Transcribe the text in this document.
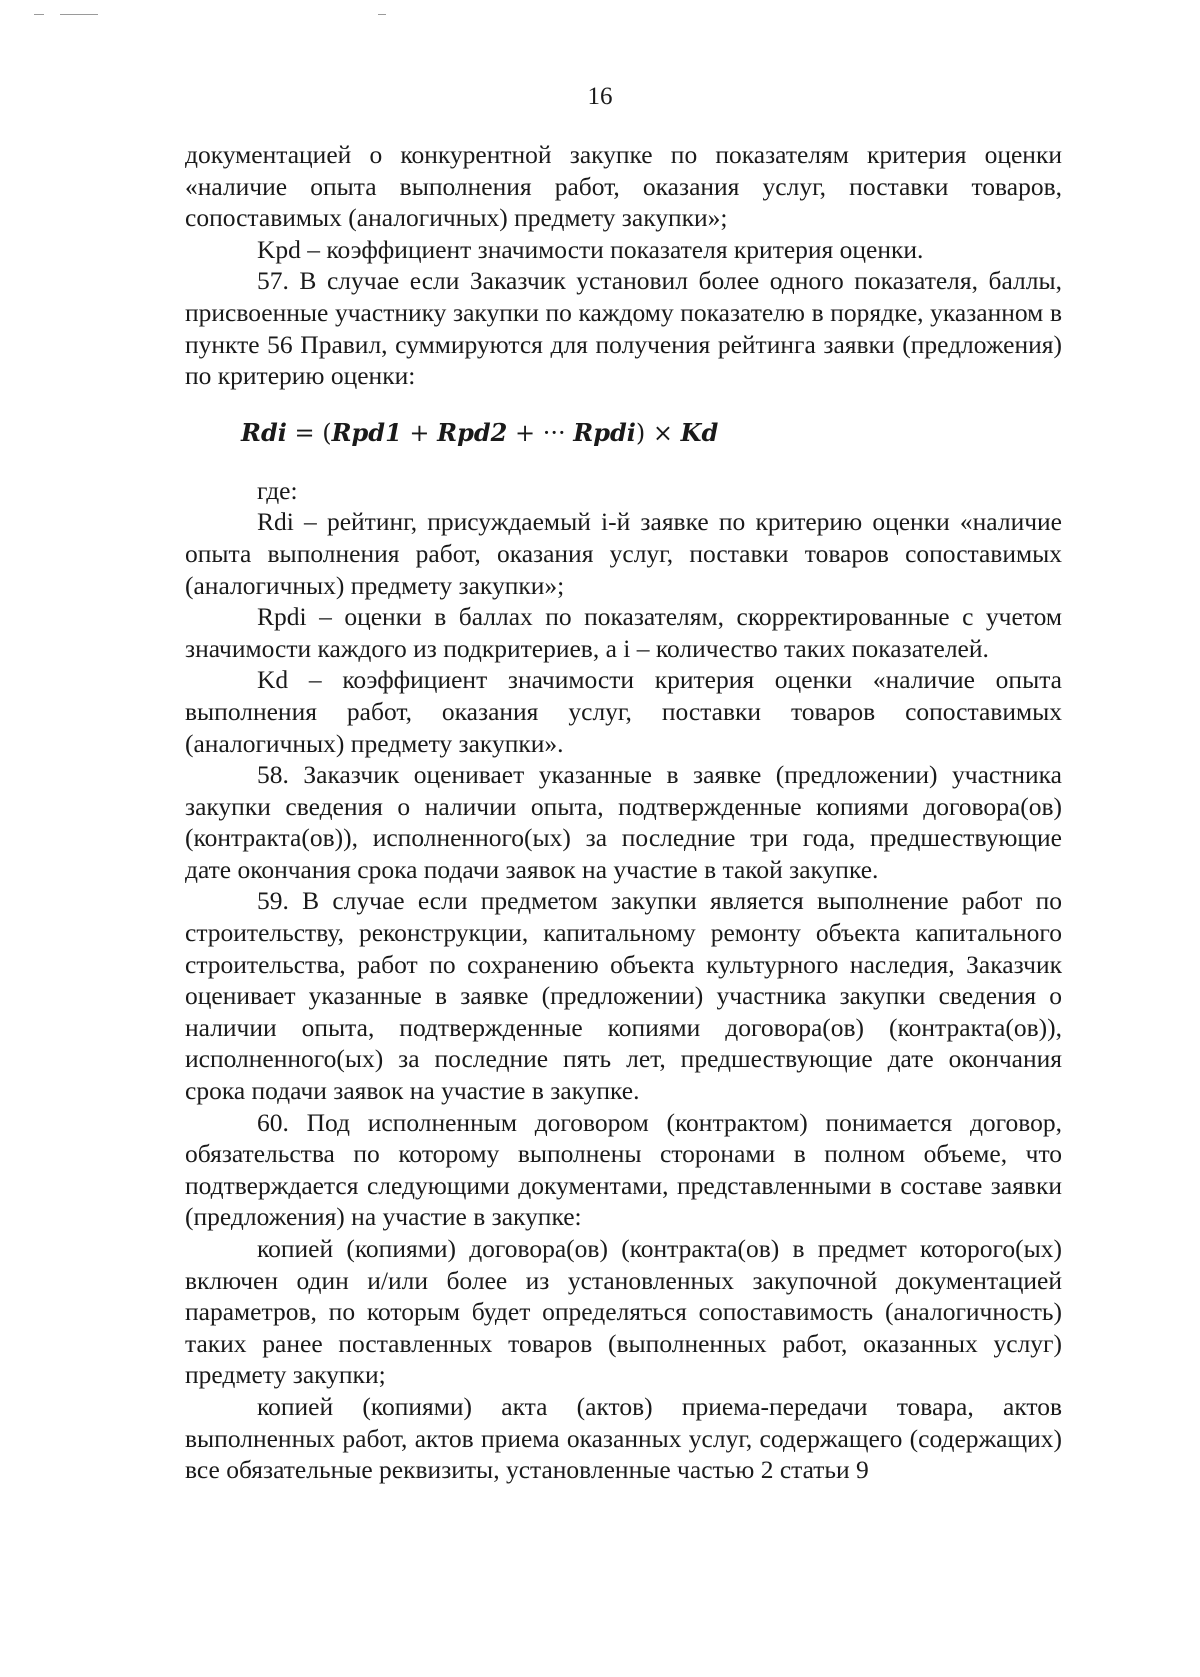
16

документацией о конкурентной закупке по показателям критерия оценки «наличие опыта выполнения работ, оказания услуг, поставки товаров, сопоставимых (аналогичных) предмету закупки»;

Kpd – коэффициент значимости показателя критерия оценки.

57. В случае если Заказчик установил более одного показателя, баллы, присвоенные участнику закупки по каждому показателю в порядке, указанном в пункте 56 Правил, суммируются для получения рейтинга заявки (предложения) по критерию оценки:

Rdi = (Rpd1 + Rpd2 + ··· Rpdi) × Kd

где:

Rdi – рейтинг, присуждаемый i-й заявке по критерию оценки «наличие опыта выполнения работ, оказания услуг, поставки товаров сопоставимых (аналогичных) предмету закупки»;

Rpdi – оценки в баллах по показателям, скорректированные с учетом значимости каждого из подкритериев, а i – количество таких показателей.

Kd – коэффициент значимости критерия оценки «наличие опыта выполнения работ, оказания услуг, поставки товаров сопоставимых (аналогичных) предмету закупки».

58. Заказчик оценивает указанные в заявке (предложении) участника закупки сведения о наличии опыта, подтвержденные копиями договора(ов) (контракта(ов)), исполненного(ых) за последние три года, предшествующие дате окончания срока подачи заявок на участие в такой закупке.

59. В случае если предметом закупки является выполнение работ по строительству, реконструкции, капитальному ремонту объекта капитального строительства, работ по сохранению объекта культурного наследия, Заказчик оценивает указанные в заявке (предложении) участника закупки сведения о наличии опыта, подтвержденные копиями договора(ов) (контракта(ов)), исполненного(ых) за последние пять лет, предшествующие дате окончания срока подачи заявок на участие в закупке.

60. Под исполненным договором (контрактом) понимается договор, обязательства по которому выполнены сторонами в полном объеме, что подтверждается следующими документами, представленными в составе заявки (предложения) на участие в закупке:

копией (копиями) договора(ов) (контракта(ов) в предмет которого(ых) включен один и/или более из установленных закупочной документацией параметров, по которым будет определяться сопоставимость (аналогичность) таких ранее поставленных товаров (выполненных работ, оказанных услуг) предмету закупки;

копией (копиями) акта (актов) приема-передачи товара, актов выполненных работ, актов приема оказанных услуг, содержащего (содержащих) все обязательные реквизиты, установленные частью 2 статьи 9
